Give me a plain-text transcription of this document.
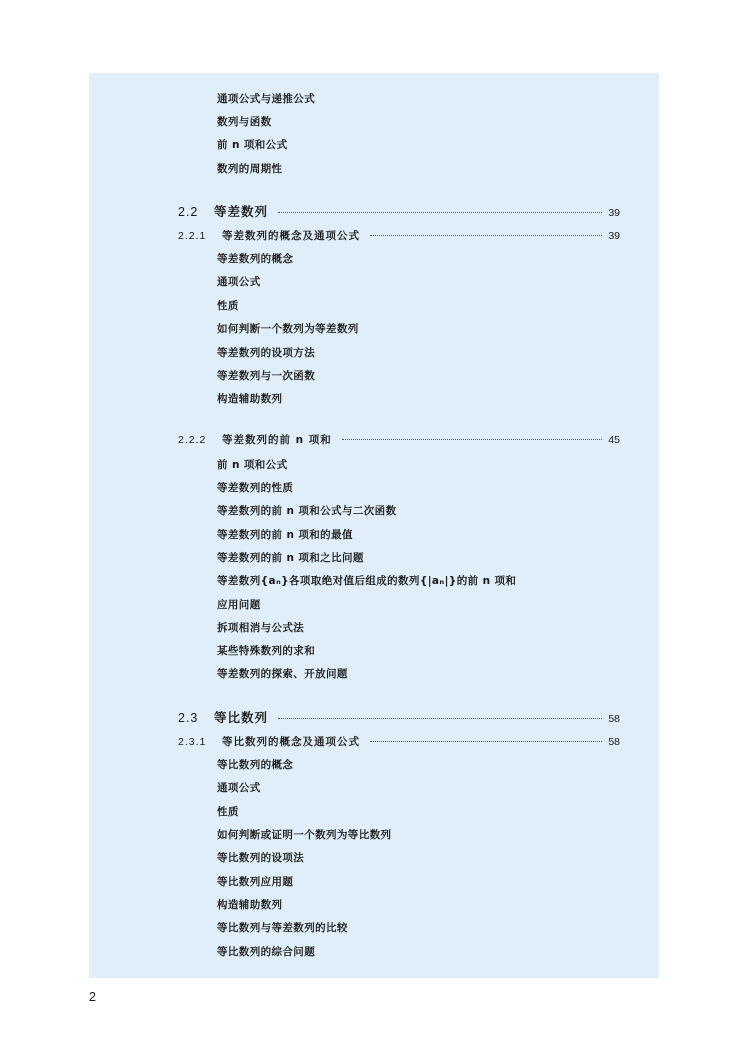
通项公式与递推公式
数列与函数
前 n 项和公式
数列的周期性
2.2	等差数列	39
2.2.1	等差数列的概念及通项公式	39
等差数列的概念
通项公式
性质
如何判断一个数列为等差数列
等差数列的设项方法
等差数列与一次函数
构造辅助数列
2.2.2	等差数列的前 n 项和	45
前 n 项和公式
等差数列的性质
等差数列的前 n 项和公式与二次函数
等差数列的前 n 项和的最值
等差数列的前 n 项和之比问题
等差数列{aₙ}各项取绝对值后组成的数列{|aₙ|}的前 n 项和
应用问题
拆项相消与公式法
某些特殊数列的求和
等差数列的探索、开放问题
2.3	等比数列	58
2.3.1	等比数列的概念及通项公式	58
等比数列的概念
通项公式
性质
如何判断或证明一个数列为等比数列
等比数列的设项法
等比数列应用题
构造辅助数列
等比数列与等差数列的比较
等比数列的综合问题
2
